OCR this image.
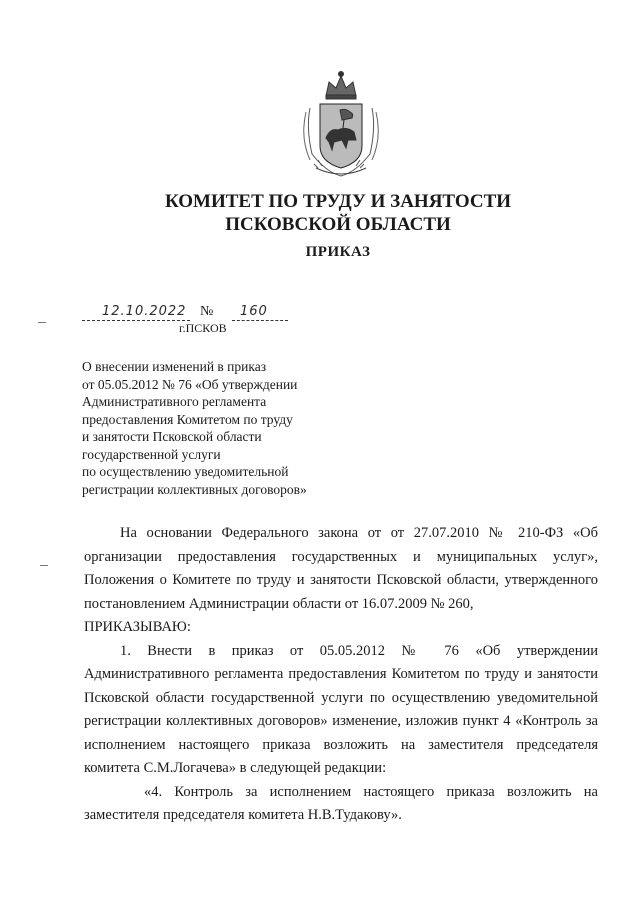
КОМИТЕТ ПО ТРУДУ И ЗАНЯТОСТИ
ПСКОВСКОЙ ОБЛАСТИ
ПРИКАЗ
12.10.2022 № 160
г.ПСКОВ
О внесении изменений в приказ
от 05.05.2012 № 76 «Об утверждении
Административного регламента
предоставления Комитетом по труду
и занятости Псковской области
государственной услуги
по осуществлению уведомительной
регистрации коллективных договоров»

На основании Федерального закона от от 27.07.2010 № 210-ФЗ «Об организации предоставления государственных и муниципальных услуг», Положения о Комитете по труду и занятости Псковской области, утвержденного постановлением Администрации области от 16.07.2009 № 260,

ПРИКАЗЫВАЮ:

1. Внести в приказ от 05.05.2012 № 76 «Об утверждении Административного регламента предоставления Комитетом по труду и занятости Псковской области государственной услуги по осуществлению уведомительной регистрации коллективных договоров» изменение, изложив пункт 4 «Контроль за исполнением настоящего приказа возложить на заместителя председателя комитета С.М.Логачева» в следующей редакции:

«4. Контроль за исполнением настоящего приказа возложить на заместителя председателя комитета Н.В.Тудакову».
